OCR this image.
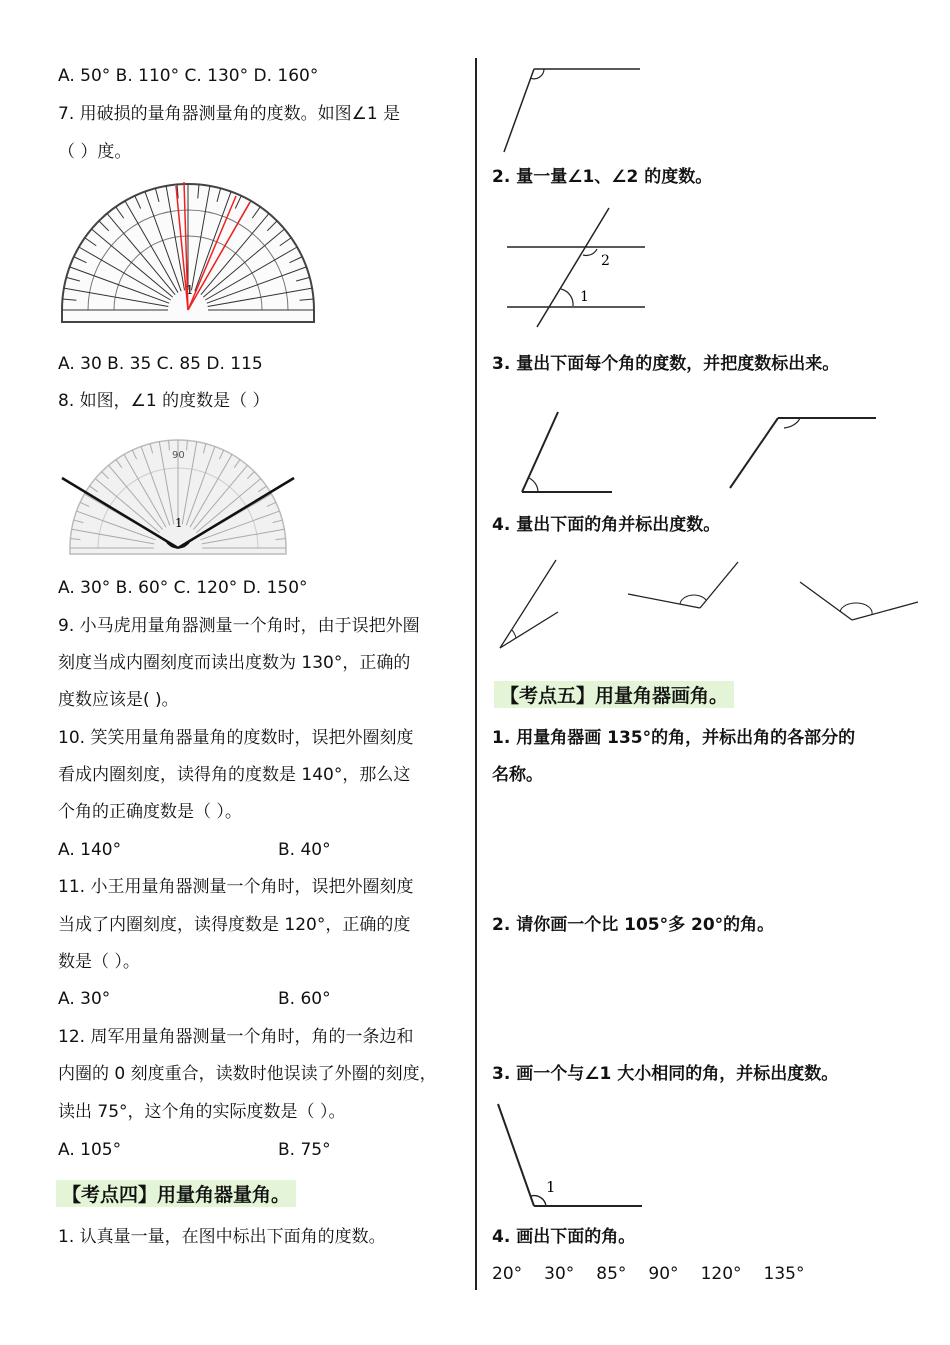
A. 50° B. 110° C. 130° D. 160°
7. 用破损的量角器测量角的度数。如图∠1 是
（ ）度。
1
A. 30 B. 35 C. 85 D. 115
8. 如图，∠1 的度数是（ ）
90
1
A. 30° B. 60° C. 120° D. 150°
9. 小马虎用量角器测量一个角时，由于误把外圈
刻度当成内圈刻度而读出度数为 130°，正确的
度数应该是( )。
10. 笑笑用量角器量角的度数时，误把外圈刻度
看成内圈刻度，读得角的度数是 140°，那么这
个角的正确度数是（ ）。
A. 140°	B. 40°
11. 小王用量角器测量一个角时，误把外圈刻度
当成了内圈刻度，读得度数是 120°，正确的度
数是（ ）。
A. 30°	B. 60°
12. 周军用量角器测量一个角时，角的一条边和
内圈的 0 刻度重合，读数时他误读了外圈的刻度，
读出 75°，这个角的实际度数是（ ）。
A. 105°	B. 75°
【考点四】用量角器量角。
1. 认真量一量，在图中标出下面角的度数。
2. 量一量∠1、∠2 的度数。
2
1
3. 量出下面每个角的度数，并把度数标出来。
4. 量出下面的角并标出度数。
【考点五】用量角器画角。
1. 用量角器画 135°的角，并标出角的各部分的
名称。
2. 请你画一个比 105°多 20°的角。
3. 画一个与∠1 大小相同的角，并标出度数。
1
4. 画出下面的角。
20° 30° 85° 90° 120° 135°
